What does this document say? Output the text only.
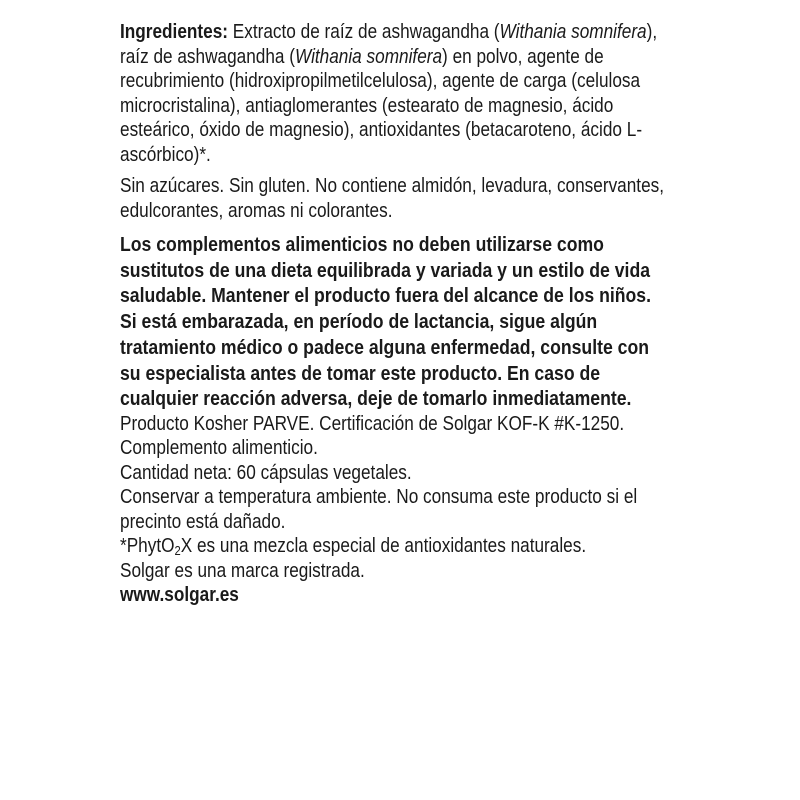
Ingredientes: Extracto de raíz de ashwagandha (Withania somnifera), raíz de ashwagandha (Withania somnifera) en polvo, agente de recubrimiento (hidroxipropilmetilcelulosa), agente de carga (celulosa microcristalina), antiaglomerantes (estearato de magnesio, ácido esteárico, óxido de magnesio), antioxidantes (betacaroteno, ácido L-ascórbico)*.

Sin azúcares. Sin gluten. No contiene almidón, levadura, conservantes, edulcorantes, aromas ni colorantes.

Los complementos alimenticios no deben utilizarse como sustitutos de una dieta equilibrada y variada y un estilo de vida saludable. Mantener el producto fuera del alcance de los niños. Si está embarazada, en período de lactancia, sigue algún tratamiento médico o padece alguna enfermedad, consulte con su especialista antes de tomar este producto. En caso de cualquier reacción adversa, deje de tomarlo inmediatamente.

Producto Kosher PARVE. Certificación de Solgar KOF-K #K-1250.

Complemento alimenticio.

Cantidad neta: 60 cápsulas vegetales.

Conservar a temperatura ambiente. No consuma este producto si el precinto está dañado.

*PhytO$_2$X es una mezcla especial de antioxidantes naturales.

Solgar es una marca registrada.

www.solgar.es
